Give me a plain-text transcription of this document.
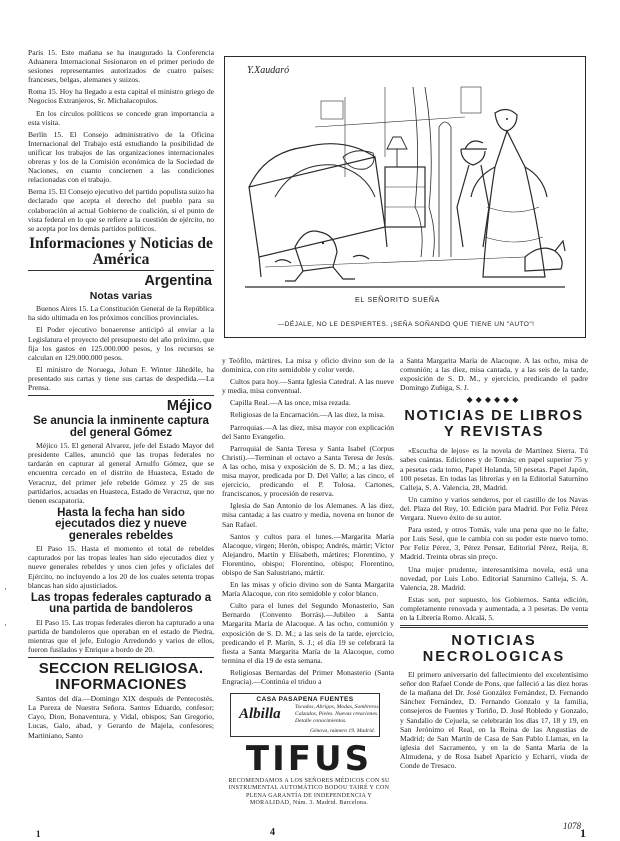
París 15. Este mañana se ha inaugurado la Conferencia Aduanera Internacional Sesionaron en el primer periodo de sesiones representantes autorizados de cuatro países: franceses, belgas, alemanes y suizos.

Roma 15. Hoy ha llegado a esta capital el ministro griego de Negocios Extranjeros, Sr. Michalacopulos.

En los círculos políticos se concede gran importancia a esta visita.

Berlín 15. El Consejo administrativo de la Oficina Internacional del Trabajo está estudiando la posibilidad de unificar los trabajos de las organizaciones internacionales obreras y los de la Comisión económica de la Sociedad de Naciones, en cuanto conciernen a las condiciones relacionadas con el trabajo.

Berna 15. El Consejo ejecutivo del partido populista suizo ha declarado que acepta el derecho del pueblo para su colaboración al actual Gobierno de coalición, si el punto de vista federal en lo que se refiere a la cuestión de ejército, no se acepta por los demás partidos políticos.

Informaciones y Noticias de América
Argentina
Notas varias

Buenos Aires 15. La Constitución General de la República ha sido ultimada en los próximos concilios provinciales.

El Poder ejecutivo bonaerense anticipó al enviar a la Legislatura el proyecto del presupuesto del año próximo, que fija los gastos en 125.000.000 pesos, y los recursos se calculan en 129.000.000 pesos.

El ministro de Noruega, Johan F. Winter Jährdéle, ha presentado sus cartas y tiene sus cartas de despedida.—La Prensa.

Méjico
Se anuncia la inminente captura del general Gómez

Méjico 15. El general Alvarez, jefe del Estado Mayor del presidente Calles, anunció que las tropas federales no tardarán en capturar al general Arnulfo Gómez, que se encuentra cercado en el distrito de Huasteca, Estado de Veracruz, del primer jefe rebelde Gómez y 25 de sus partidarios, acuadas en Huasteca, Estado de Veracruz, que no tienen escapatoria.

Hasta la fecha han sido ejecutados diez y nueve generales rebeldes

El Paso 15. Hasta el momento el total de rebeldes capturados por las tropas leales han sido ejecutados diez y nueve generales rebeldes y unos cien jefes y oficiales del Ejército, no incluyendo a los 20 de los cuales setenta tropas blancas han sido ajusticiados.

Las tropas federales capturado a una partida de bandoleros

El Paso 15. Las tropas federales dieron ha capturado a una partida de bandoleros que operaban en el estado de Piedra, mientras que el jefe, Eulogio Arredondo y varios de ellos, fueron fusilados y Enrique a bordo de 20.

SECCION RELIGIOSA. INFORMACIONES

Santos del día.—Domingo XIX después de Pentecostés. La Pureza de Nuestra Señora. Santos Eduardo, confesor; Cayo, Dion, Bonaventura, y Vidal, obispos; San Gregorio, Lucas, Galo, abad, y Gerardo de Majela, confesores; Martiniano, Santo

Y.Xaudaró
EL SEÑORITO SUEÑA
—DÉJALE, NO LE DESPIERTES. ¡SEÑA SOÑANDO QUE TIENE UN "AUTO"!

y Teófilo, mártires. La misa y oficio divino son de la dominica, con rito semidoble y color verde.

Cultos para hoy.—Santa Iglesia Catedral. A las nueve y media, misa conventual.

Capilla Real.—A las once, misa rezada.

Religiosas de la Encarnación.—A las diez, la misa.

Parroquias.—A las diez, misa mayor con explicación del Santo Evangelio.

Parroquial de Santa Teresa y Santa Isabel (Corpus Christi).—Terminan el octavo a Santa Teresa de Jesús. A las ocho, misa y exposición de S. D. M.; a las diez, misa mayor, predicada por D. Del Valle; a las cinco, el ejercicio, predicando el P. Tolosa. Cartones, franciscanos, y procesión de reserva.

Iglesia de San Antonio de los Alemanes. A las diez, misa cantada; a las cuatro y media, novena en honor de San Rafael.

Santos y cultos para el lunes.—Margarita María Alacoque, virgen; Herón, obispo; Andrés, mártir; Víctor Alejandro, Martín y Elísabeth, mártires; Florentino, y Florentino, obispo; Florentino, obispo; Florentino, obispo de San Salustriano, mártir.

En las misas y oficio divino son de Santa Margarita María Alacoque, con rito semidoble y color blanco.

Culto para el lunes del Segundo Monasterio, San Bernardo (Convento Borrás).—Jubileo a Santa Margarita María de Alacoque. A las ocho, comunión y exposición de S. D. M.; a las seis de la tarde, ejercicio, predicando el P. Marín, S. J.; el día 19 se celebrará la fiesta a Santa Margarita María de la Alacoque, como termina el día 19 de esta semana.

Religiosas Bernardas del Primer Monasterio (Santa Engracia).—Continúa el triduo a

CASA PASAPENA FUENTES
Albilla	Tocados, Abrigos, Modas, Sombreros. Calzados, Pieles. Nuevas creaciones. Detalle conocimientos.
Génova, número 19. Madrid.
TIFUS
RECOMENDAMOS A LOS SEÑORES MÉDICOS CON SU INSTRUMENTAL AUTOMÁTICO BODOU TAIRÉ Y CON PLENA GARANTÍA DE INDEPENDENCIA Y MORALIDAD, Núm. 3. Madrid. Barcelona.

a Santa Margarita María de Alacoque. A las ocho, misa de comunión; a las diez, misa cantada, y a las seis de la tarde, exposición de S. D. M., y ejercicio, predicando el padre Domingo Zuñiga, S. J.

◆◆◆◆◆◆
NOTICIAS DE LIBROS Y REVISTAS

«Escucha de lejos» es la novela de Martínez Sierra. Tú sabes cuántas. Ediciones y de Tomás; en papel superior 75 y a pesetas cada tomo, Papel Holanda, 50 pesetas. Papel Japón, 100 pesetas. En todas las librerías y en la Editorial Saturnino Calleja, S. A. Valencia, 28, Madrid.

Un camino y varios senderos, por el castillo de los Navas del. Plaza del Rey, 10. Edición para Madrid. Por Feliz Pérez Vergara. Nuevo éxito de su autor.

Para usted, y otros Tomás, vale una pena que no le falte, por Luis Sesé, que le cambia con su poder este nuevo tomo. Por Feliz Pérez, 3, Pérez Pensar, Editorial Pérez, Reija, 8, Madrid. Treinta obras sin preço.

Una mujer prudente, interesantísima novela, está una novedad, por Luis Lobo. Editorial Saturnino Calleja, S. A. Valencia, 28. Madrid.

Estas son, por supuesto, los Gobiernos. Santa edición, completamente renovada y aumentada, a 3 pesetas. De venta en la Librería Romo. Alcalá, 5.

NOTICIAS NECROLOGICAS

El primero aniversario del fallecimiento del excelentísimo señor don Rafael Conde de Pons, que falleció a las diez horas de la mañana del Dr. José González Fernández, D. Fernando Sánchez Fernández, D. Fernando Gonzalo y la familia, consejeros de Fuentes y Toriño, D. José Robledo y Gonzalo, y Sandalio de Cejuela, se celebrarán los días 17, 18 y 19, en San Jerónimo el Real, en la Reina de las Angustias de Madrid; de San Martín de Casa de San Pablo Llamas, en la iglesia del Sacramento, y en la de Santa María de la Almudena, y de Rosa Isabel Aparicio y Echarri, viuda de Conde de Tresaco.

·
·
1	4	1
1078
